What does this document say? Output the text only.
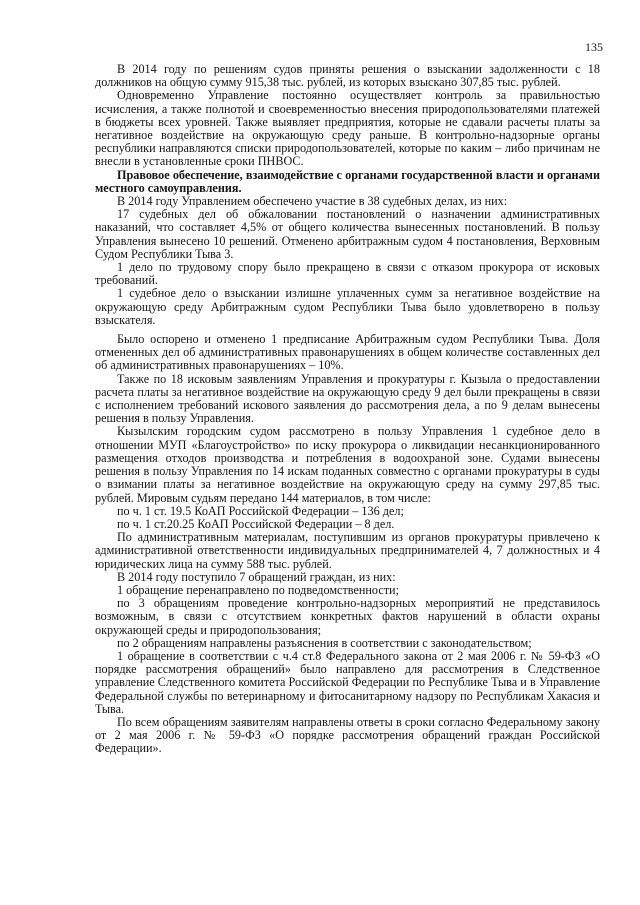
135

В 2014 году по решениям судов приняты решения о взыскании задолженности с 18 должников на общую сумму 915,38 тыс. рублей, из которых взыскано 307,85 тыс. рублей.

Одновременно Управление постоянно осуществляет контроль за правильностью исчисления, а также полнотой и своевременностью внесения природопользователями платежей в бюджеты всех уровней. Также выявляет предприятия, которые не сдавали расчеты платы за негативное воздействие на окружающую среду раньше. В контрольно-надзорные органы республики направляются списки природопользователей, которые по каким – либо причинам не внесли в установленные сроки ПНВОС.

Правовое обеспечение, взаимодействие с органами государственной власти и органами местного самоуправления.

В 2014 году Управлением обеспечено участие в 38 судебных делах, из них:

17 судебных дел об обжаловании постановлений о назначении административных наказаний, что составляет 4,5% от общего количества вынесенных постановлений. В пользу Управления вынесено 10 решений. Отменено арбитражным судом 4 постановления, Верховным Судом Республики Тыва 3.

1 дело по трудовому спору было прекращено в связи с отказом прокурора от исковых требований.

1 судебное дело о взыскании излишне уплаченных сумм за негативное воздействие на окружающую среду Арбитражным судом Республики Тыва было удовлетворено в пользу взыскателя.

Было оспорено и отменено 1 предписание Арбитражным судом Республики Тыва. Доля отмененных дел об административных правонарушениях в общем количестве составленных дел об административных правонарушениях – 10%.

Также по 18 исковым заявлениям Управления и прокуратуры г. Кызыла о предоставлении расчета платы за негативное воздействие на окружающую среду 9 дел были прекращены в связи с исполнением требований искового заявления до рассмотрения дела, а по 9 делам вынесены решения в пользу Управления.

Кызылским городским судом рассмотрено в пользу Управления 1 судебное дело в отношении МУП «Благоустройство» по иску прокурора о ликвидации несанкционированного размещения отходов производства и потребления в водоохраной зоне. Судами вынесены решения в пользу Управления по 14 искам поданных совместно с органами прокуратуры в суды о взимании платы за негативное воздействие на окружающую среду на сумму 297,85 тыс. рублей. Мировым судьям передано 144 материалов, в том числе:

по ч. 1 ст. 19.5 КоАП Российской Федерации – 136 дел;

по ч. 1 ст.20.25 КоАП Российской Федерации – 8 дел.

По административным материалам, поступившим из органов прокуратуры привлечено к административной ответственности индивидуальных предпринимателей 4, 7 должностных и 4 юридических лица на сумму 588 тыс. рублей.

В 2014 году поступило 7 обращений граждан, из них:

1 обращение перенаправлено по подведомственности;

по 3 обращениям проведение контрольно-надзорных мероприятий не представилось возможным, в связи с отсутствием конкретных фактов нарушений в области охраны окружающей среды и природопользования;

по 2 обращениям направлены разъяснения в соответствии с законодательством;

1 обращение в соответствии с ч.4 ст.8 Федерального закона от 2 мая 2006 г. № 59-ФЗ «О порядке рассмотрения обращений» было направлено для рассмотрения в Следственное управление Следственного комитета Российской Федерации по Республике Тыва и в Управление Федеральной службы по ветеринарному и фитосанитарному надзору по Республикам Хакасия и Тыва.

По всем обращениям заявителям направлены ответы в сроки согласно Федеральному закону от 2 мая 2006 г. № 59-ФЗ «О порядке рассмотрения обращений граждан Российской Федерации».
